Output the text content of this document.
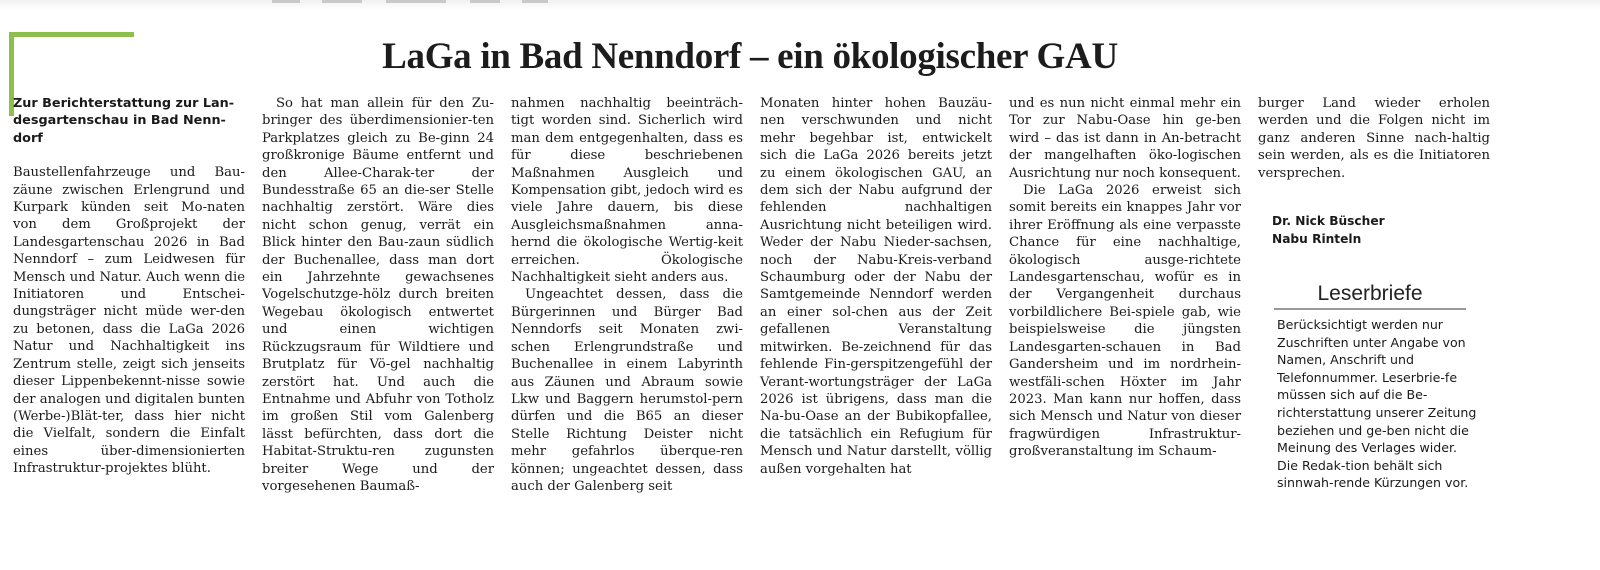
LaGa in Bad Nenndorf – ein ökologischer GAU
Zur Berichterstattung zur Lan-desgartenschau in Bad Nenn-dorf

Baustellenfahrzeuge und Bau-zäune zwischen Erlengrund und Kurpark künden seit Mo-naten von dem Großprojekt der Landesgartenschau 2026 in Bad Nenndorf – zum Leidwesen für Mensch und Natur. Auch wenn die Initiatoren und Entschei-dungsträger nicht müde wer-den zu betonen, dass die LaGa 2026 Natur und Nachhaltigkeit ins Zentrum stelle, zeigt sich jenseits dieser Lippenbekennt-nisse sowie der analogen und digitalen bunten (Werbe-)Blät-ter, dass hier nicht die Vielfalt, sondern die Einfalt eines über-dimensionierten Infrastruktur-projektes blüht.

So hat man allein für den Zu-bringer des überdimensionier-ten Parkplatzes gleich zu Be-ginn 24 großkronige Bäume entfernt und den Allee-Charak-ter der Bundesstraße 65 an die-ser Stelle nachhaltig zerstört. Wäre dies nicht schon genug, verrät ein Blick hinter den Bau-zaun südlich der Buchenallee, dass man dort ein Jahrzehnte gewachsenes Vogelschutzge-hölz durch breiten Wegebau ökologisch entwertet und einen wichtigen Rückzugsraum für Wildtiere und Brutplatz für Vö-gel nachhaltig zerstört hat. Und auch die Entnahme und Abfuhr von Totholz im großen Stil vom Galenberg lässt befürchten, dass dort die Habitat-Struktu-ren zugunsten breiter Wege und der vorgesehenen Baumaß-

nahmen nachhaltig beeinträch-tigt worden sind. Sicherlich wird man dem entgegenhalten, dass es für diese beschriebenen Maßnahmen Ausgleich und Kompensation gibt, jedoch wird es viele Jahre dauern, bis diese Ausgleichsmaßnahmen anna-hernd die ökologische Wertig-keit erreichen. Ökologische Nachhaltigkeit sieht anders aus.

Ungeachtet dessen, dass die Bürgerinnen und Bürger Bad Nenndorfs seit Monaten zwi-schen Erlengrundstraße und Buchenallee in einem Labyrinth aus Zäunen und Abraum sowie Lkw und Baggern herumstol-pern dürfen und die B65 an dieser Stelle Richtung Deister nicht mehr gefahrlos überque-ren können; ungeachtet dessen, dass auch der Galenberg seit

Monaten hinter hohen Bauzäu-nen verschwunden und nicht mehr begehbar ist, entwickelt sich die LaGa 2026 bereits jetzt zu einem ökologischen GAU, an dem sich der Nabu aufgrund der fehlenden nachhaltigen Ausrichtung nicht beteiligen wird. Weder der Nabu Nieder-sachsen, noch der Nabu-Kreis-verband Schaumburg oder der Nabu der Samtgemeinde Nenndorf werden an einer sol-chen aus der Zeit gefallenen Veranstaltung mitwirken. Be-zeichnend für das fehlende Fin-gerspitzengefühl der Verant-wortungsträger der LaGa 2026 ist übrigens, dass man die Na-bu-Oase an der Bubikopfallee, die tatsächlich ein Refugium für Mensch und Natur darstellt, völlig außen vorgehalten hat

und es nun nicht einmal mehr ein Tor zur Nabu-Oase hin ge-ben wird – das ist dann in An-betracht der mangelhaften öko-logischen Ausrichtung nur noch konsequent.

Die LaGa 2026 erweist sich somit bereits ein knappes Jahr vor ihrer Eröffnung als eine verpasste Chance für eine nachhaltige, ökologisch ausge-richtete Landesgartenschau, wofür es in der Vergangenheit durchaus vorbildlichere Bei-spiele gab, wie beispielsweise die jüngsten Landesgarten-schauen in Bad Gandersheim und im nordrhein-westfäli-schen Höxter im Jahr 2023. Man kann nur hoffen, dass sich Mensch und Natur von dieser fragwürdigen Infrastruktur-großveranstaltung im Schaum-

burger Land wieder erholen werden und die Folgen nicht im ganz anderen Sinne nach-haltig sein werden, als es die Initiatoren versprechen.

Dr. Nick Büscher
Nabu Rinteln
Leserbriefe
Berücksichtigt werden nur Zuschriften unter Angabe von Namen, Anschrift und Telefonnummer. Leserbrie-fe müssen sich auf die Be-richterstattung unserer Zeitung beziehen und ge-ben nicht die Meinung des Verlages wider. Die Redak-tion behält sich sinnwah-rende Kürzungen vor.
